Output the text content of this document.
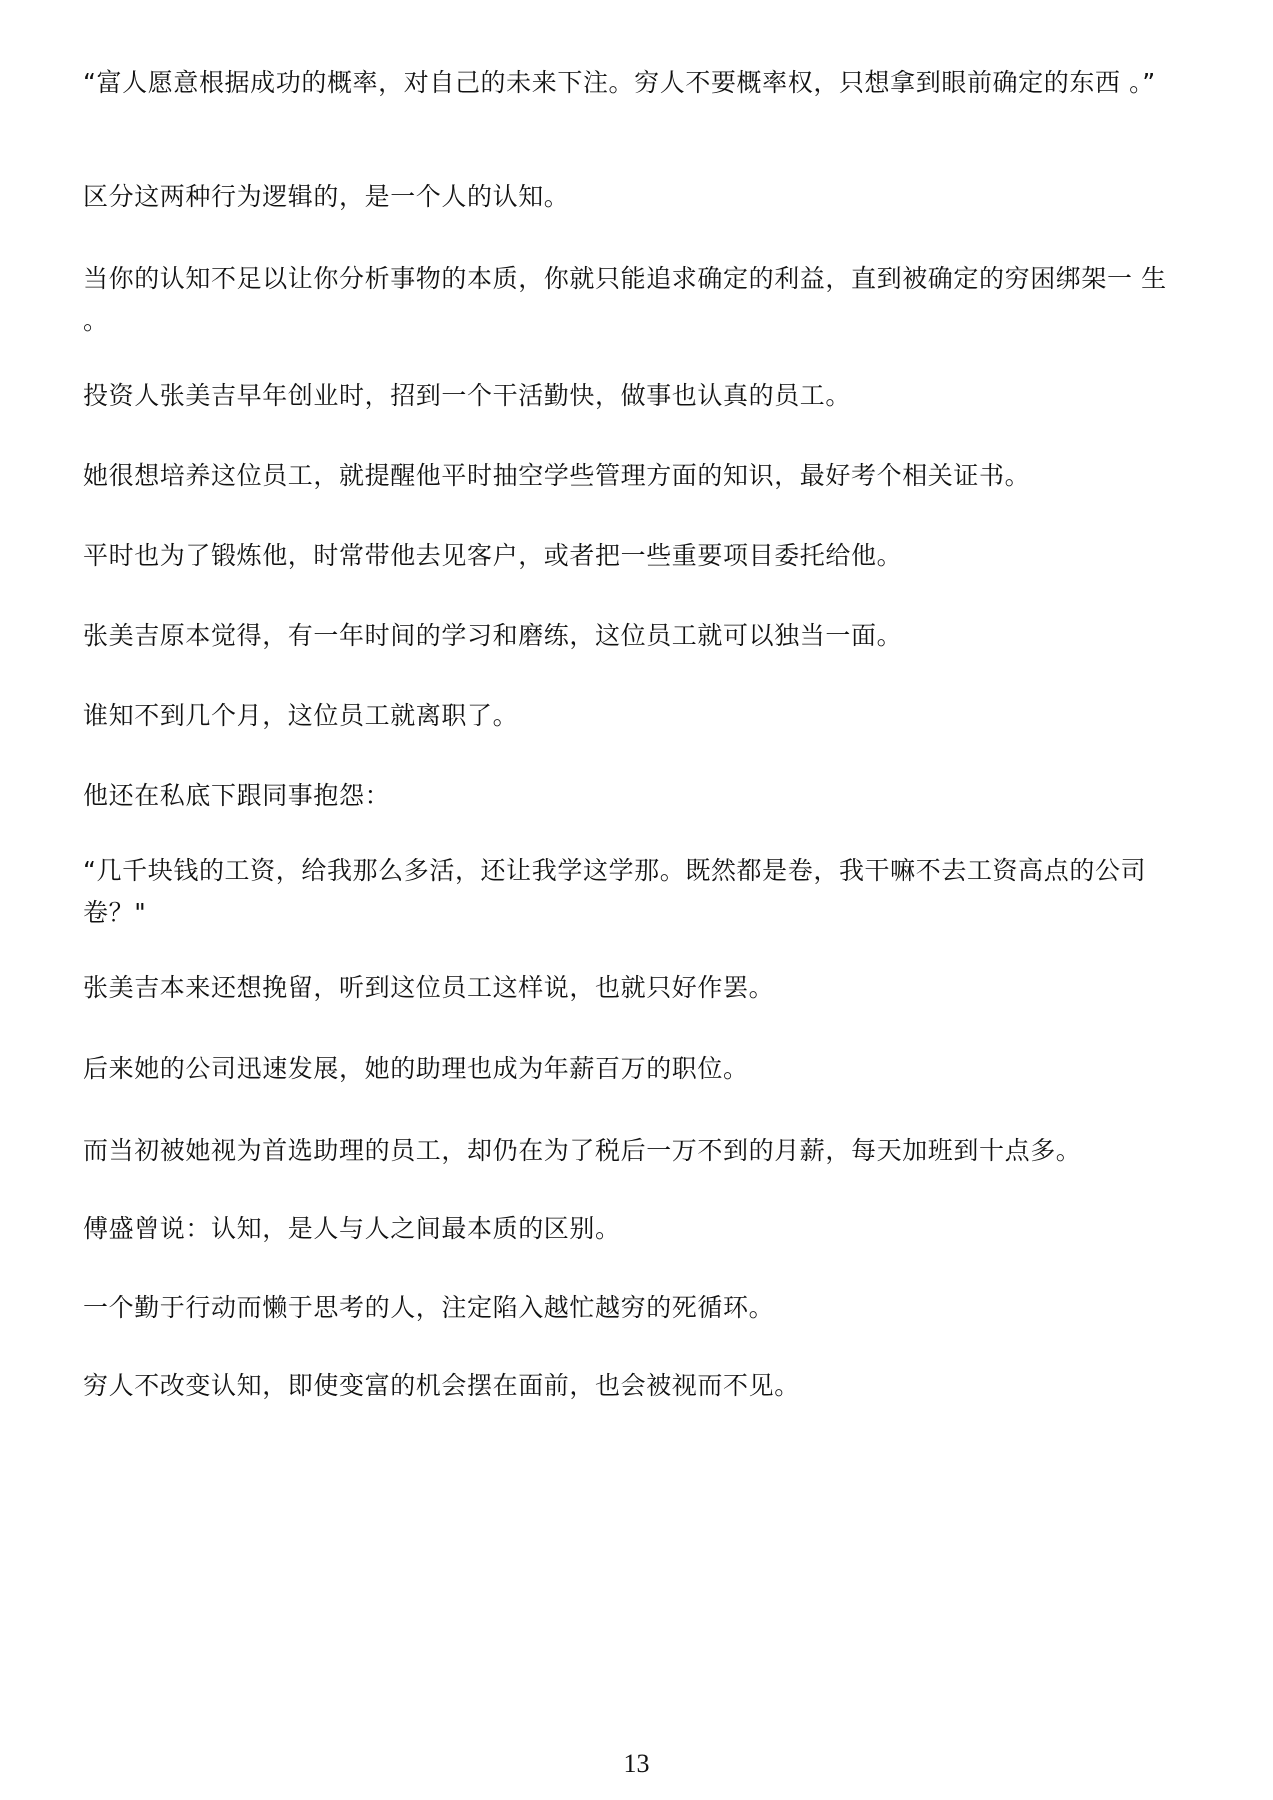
“富人愿意根据成功的概率，对自己的未来下注。穷人不要概率权，只想拿到眼前确定的东西 。”

区分这两种行为逻辑的，是一个人的认知。

当你的认知不足以让你分析事物的本质，你就只能追求确定的利益，直到被确定的穷困绑架一 生 。

投资人张美吉早年创业时，招到一个干活勤快，做事也认真的员工。

她很想培养这位员工，就提醒他平时抽空学些管理方面的知识，最好考个相关证书。

平时也为了锻炼他，时常带他去见客户，或者把一些重要项目委托给他。

张美吉原本觉得，有一年时间的学习和磨练，这位员工就可以独当一面。

谁知不到几个月，这位员工就离职了。

他还在私底下跟同事抱怨：

“几千块钱的工资，给我那么多活，还让我学这学那。既然都是卷，我干嘛不去工资高点的公司卷？"

张美吉本来还想挽留，听到这位员工这样说，也就只好作罢。

后来她的公司迅速发展，她的助理也成为年薪百万的职位。

而当初被她视为首选助理的员工，却仍在为了税后一万不到的月薪，每天加班到十点多。

傅盛曾说：认知，是人与人之间最本质的区别。

一个勤于行动而懒于思考的人，注定陷入越忙越穷的死循环。

穷人不改变认知，即使变富的机会摆在面前，也会被视而不见。

13
